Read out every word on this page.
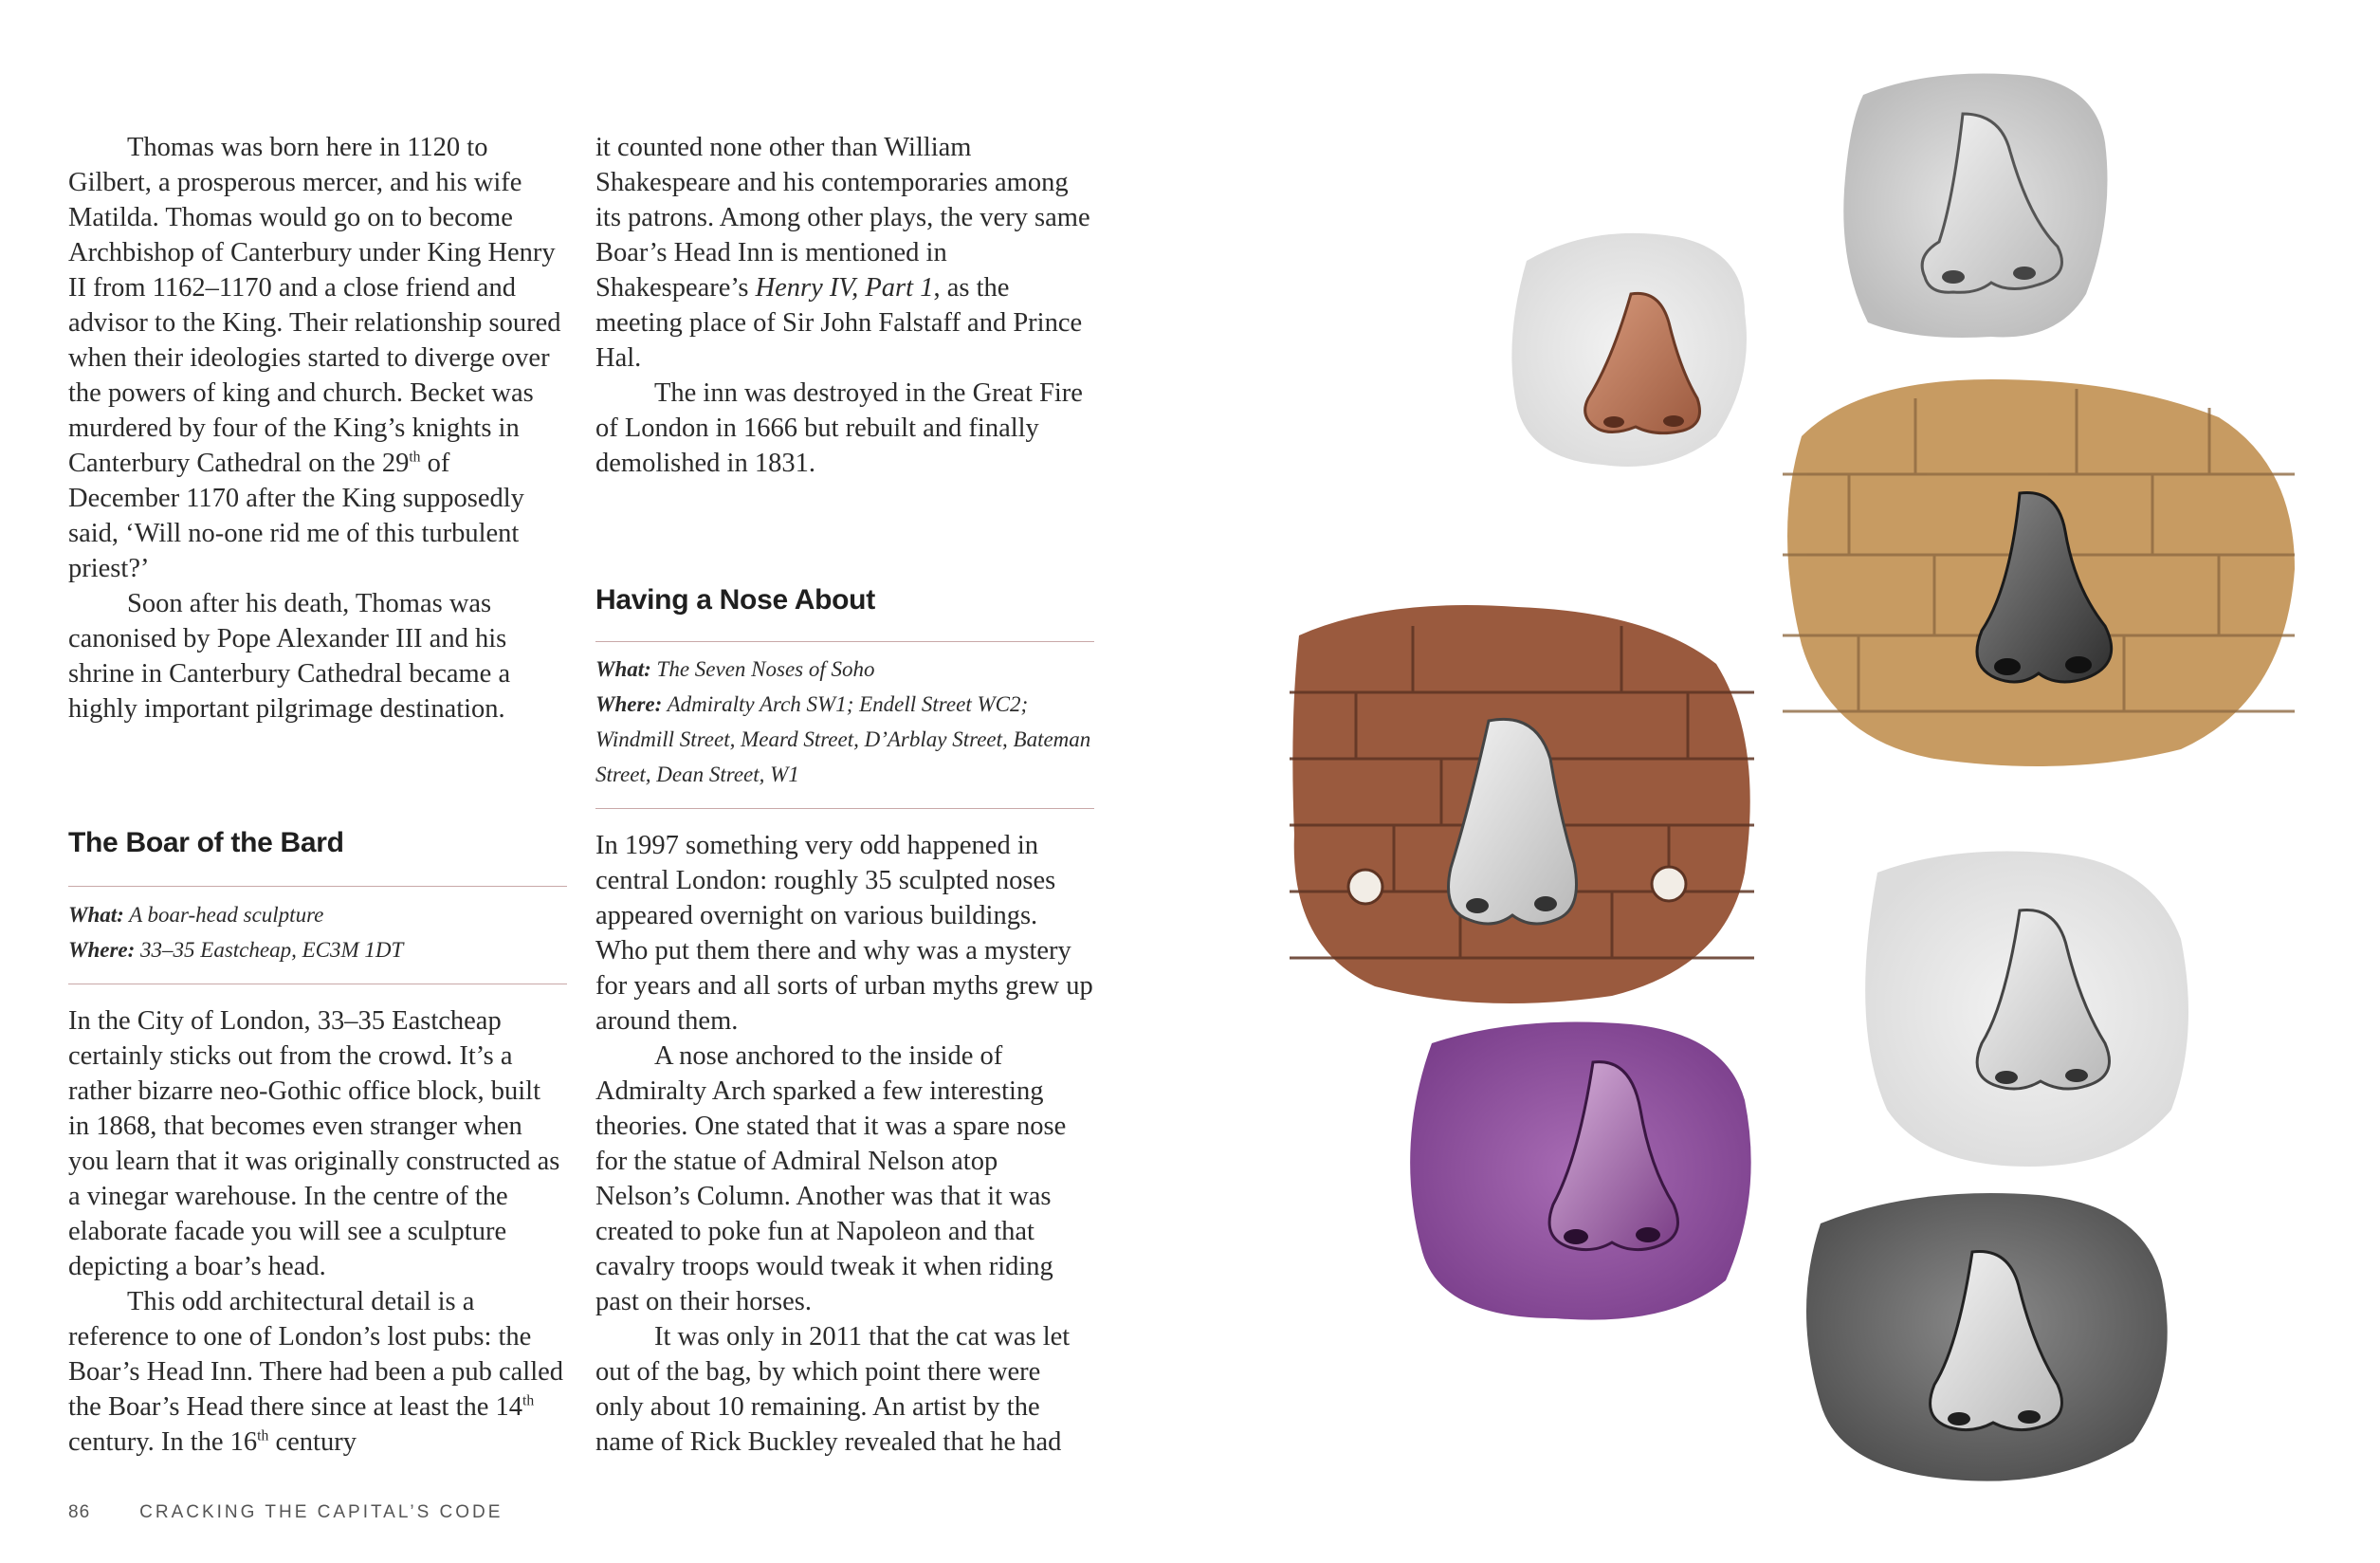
Thomas was born here in 1120 to Gilbert, a prosperous mercer, and his wife Matilda. Thomas would go on to become Archbishop of Canterbury under King Henry II from 1162–1170 and a close friend and advisor to the King. Their relationship soured when their ideologies started to diverge over the powers of king and church. Becket was murdered by four of the King’s knights in Canterbury Cathedral on the 29th of December 1170 after the King supposedly said, ‘Will no-one rid me of this turbulent priest?’

Soon after his death, Thomas was canonised by Pope Alexander III and his shrine in Canterbury Cathedral became a highly important pilgrimage destination.

The Boar of the Bard
What: A boar-head sculpture
Where: 33–35 Eastcheap, EC3M 1DT

In the City of London, 33–35 Eastcheap certainly sticks out from the crowd. It’s a rather bizarre neo-Gothic office block, built in 1868, that becomes even stranger when you learn that it was originally constructed as a vinegar warehouse. In the centre of the elaborate facade you will see a sculpture depicting a boar’s head.

This odd architectural detail is a reference to one of London’s lost pubs: the Boar’s Head Inn. There had been a pub called the Boar’s Head there since at least the 14th century. In the 16th century

it counted none other than William Shakespeare and his contemporaries among its patrons. Among other plays, the very same Boar’s Head Inn is mentioned in Shakespeare’s Henry IV, Part 1, as the meeting place of Sir John Falstaff and Prince Hal.

The inn was destroyed in the Great Fire of London in 1666 but rebuilt and finally demolished in 1831.

Having a Nose About
What: The Seven Noses of Soho
Where: Admiralty Arch SW1; Endell Street WC2; Windmill Street, Meard Street, D’Arblay Street, Bateman Street, Dean Street, W1

In 1997 something very odd happened in central London: roughly 35 sculpted noses appeared overnight on various buildings. Who put them there and why was a mystery for years and all sorts of urban myths grew up around them.

A nose anchored to the inside of Admiralty Arch sparked a few interesting theories. One stated that it was a spare nose for the statue of Admiral Nelson atop Nelson’s Column. Another was that it was created to poke fun at Napoleon and that cavalry troops would tweak it when riding past on their horses.

It was only in 2011 that the cat was let out of the bag, by which point there were only about 10 remaining. An artist by the name of Rick Buckley revealed that he had

86	CRACKING THE CAPITAL’S CODE
